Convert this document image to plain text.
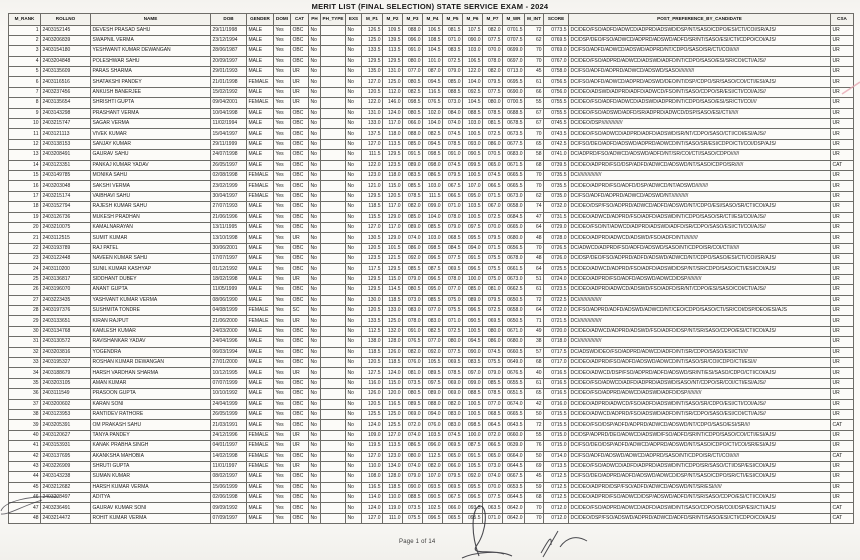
MERIT LIST (FINAL SELECTION) STATE SERVICE EXAM - 2024
M_RANK	ROLLNO	NAME	DOB	GENDER	DOMI	CAT	PH	PH_TYPE	EXS	M_P1	M_P2	M_P3	M_P4	M_P5	M_P6	M_P7	M_WR	M_INT	SCORE	POST_PREFERENCE_BY_CANDIDATE	CSA
1	2403152145	DEVESH PRASAD SAHU	29/11/1998	MALE	Yes	OBC	No		No	126.5	109.5	088.0	106.5	081.5	107.5	082.0	0701.5	72	0773.5	DC/DEO/FSO/ADFD/ADWCD/ADPRD/ADSWD/DSP/NT/SASO/CDPO/ESI/CTI/COI/SR/AJS/	UR
2	2403206839	SWAPNIL VERMA	23/12/1994	MALE	Yes	OBC	No		No	125.0	139.5	096.0	108.5	071.0	090.0	077.5	0707.5	62	0769.5	DC/DSP/DEO/FSO/ADWCD/ADPRD/ADSWD/ADFD/SR/NT/SASO/ESI/CTI/CDPO/COI/AJS/	UR
3	2403154180	YESHWANT KUMAR DEWANGAN	28/06/1987	MALE	Yes	OBC	No		No	133.5	113.5	091.0	104.5	083.5	103.0	070.0	0699.0	70	0769.0	DC/FSO/ADFD/ADWCD/ADSWD/ADPRD/NT/CDPO/SASO/SR/CTI/COI//////	UR
4	2403204848	POLESHWAR SAHU	20/09/1997	MALE	Yes	OBC	No		No	129.5	129.5	080.0	101.0	072.5	106.5	078.0	0697.0	70	0767.0	DC/DEO/FSO/ADPRD/ADWCD/ADSWD/ADFD/NT/CDPO/SASO/ESI/SR/COI/CTI/AJS//	UR
5	2403135609	PARAS SHARMA	29/01/1993	MALE	Yes	UR	No		No	135.0	131.0	077.0	087.0	079.0	122.0	082.0	0713.0	45	0758.0	DC/FSO/ADFD/ADPRD/ADWCD/ADSWD/SASO///////////	UR
6	2403116516	SHATAKSHI PANDEY	21/01/1998	FEMALE	Yes	UR	No		No	127.0	125.0	080.5	094.5	085.0	104.0	079.5	0695.5	61	0756.5	DC/FSO/ADFD/ADWCD/ADPRD/ADSWD/DEO/NT/DSP/CDPO/SR/SASO/COI/CTI/ESI/AJS/	UR
7	2403237456	ANKUSH BANERJEE	15/02/1992	MALE	Yes	UR	No		No	120.5	112.0	082.5	116.5	088.5	092.5	077.5	0690.0	66	0756.0	DC/DEO/ADSWD/ADPRD/ADFD/ADWCD/FSO/NT/SASO/CDPO/SR/ESI/CTI/COI/AJS//	UR
8	2403135654	SHRISHTI GUPTA	09/04/2001	FEMALE	Yes	UR	No		No	122.0	146.0	098.5	076.5	073.0	104.5	080.0	0700.5	55	0755.5	DC/DEO/FSO/ADFD/ADWCD/ADSWD/ADPRD/NT/CDPO/SASO/ESI/SR/CTI/COI///	UR
9	2403143298	PRASHANT VERMA	10/04/1998	MALE	Yes	OBC	No		No	131.0	124.0	080.5	102.0	084.0	088.5	078.5	0688.5	67	0755.5	DC/DEO/FSO/ADSWD/ADFD/SR/ADPRD/ADWCD/DSP/SASO/ESI/CTI//////	UR
10	2403215747	SAGAR VERMA	11/02/1994	MALE	Yes	OBC	No		No	133.0	117.0	066.0	104.0	074.0	103.0	081.5	0678.5	67	0745.5	DC/DEO/DSP///////////////	UR
11	2403121113	VIVEK KUMAR	15/04/1997	MALE	Yes	OBC	No		No	137.5	118.0	088.0	082.5	074.5	100.5	072.5	0673.5	70	0743.5	DC/DEO/FSO/ADWCD/ADPRD/ADFD/ADSWD/SR/NT/CDPO/SASO/CTI/COI/ESI/AJS//	UR
12	2403138153	SANJAY KUMAR	29/11/1999	MALE	Yes	OBC	No		No	127.0	113.5	085.0	094.5	078.5	093.0	086.0	0677.5	65	0742.5	DC/FSO/DEO/ADFD/ADSWD/ADPRD/ADWCD/NT/SASO/SR/ESI/CDPO/CTI/COI/DSP/AJS/	UR
13	2403208491	GAURAV SAHU	24/07/1998	MALE	Yes	OBC	No		No	111.5	129.5	091.5	098.5	091.0	090.5	070.5	0683.0	58	0741.0	DC/ADPRD/FSO/ADWCD/ADSWD/ADFD/NT/SR/COI/CTI/SASO/CDPO//////	UR
14	2403123351	PANKAJ KUMAR YADAV	26/05/1997	MALE	Yes	OBC	No		No	122.0	123.5	089.0	098.0	074.5	099.5	065.0	0671.5	68	0739.5	DC/DEO/ADPRD/FSO/DSP/ADFD/ADWCD/ADSWD/NT/SASO/CDPO/SR//////	CAT
15	2403149785	MONIKA SAHU	02/08/1998	FEMALE	Yes	OBC	No		No	123.0	118.0	083.5	086.5	079.5	100.5	074.5	0665.5	70	0735.5	DC/////////////////	UR
16	2403203048	SAKSHI VERMA	23/02/1999	FEMALE	Yes	OBC	No		No	121.0	115.0	085.5	103.0	067.5	107.0	066.5	0665.5	70	0735.5	DC/DEO/ADPRD/FSO/ADFD/DSP/ADWCD/NT/ADSWD/////////	UR
17	2403215174	VAIBHAVI SAHU	30/04/1997	FEMALE	Yes	OBC	No		No	129.5	120.5	078.5	111.5	066.5	095.0	071.5	0673.0	62	0735.0	DC/FSO/ADFD/ADPRD/ADWCD/ADSWD/NT////////////	UR
18	2403152794	RAJESH KUMAR SAHU	27/07/1993	MALE	Yes	OBC	No		No	118.5	117.0	082.0	099.0	071.0	103.5	067.0	0658.0	74	0732.0	DC/DEO/DSP/FSO/ADPRD/ADWCD/ADFD/ADSWD/NT/CDPO/ESI/SASO/SR/CTI/COI/AJS/	UR
19	2403126736	MUKESH PRADHAN	21/06/1996	MALE	Yes	OBC	No		No	115.5	129.0	085.0	104.0	078.0	100.5	072.5	0684.5	47	0731.5	DC/DEO/ADWCD/ADPRD/FSO/ADFD/ADSWD/NT/CDPO/SASO/SR/CTI/ESI/COI/AJS//	UR
20	2403210075	KAMALNARAYAN	13/11/1995	MALE	Yes	OBC	No		No	127.0	117.0	089.0	085.5	079.0	097.5	070.0	0665.0	64	0729.0	DC/DEO/FSO/NT/ADWCD/ADPRD/ADSWD/ADFD/SR/CDPO/SASO/ESI/CTI/COI/AJS//	UR
21	2403112515	SUMIT KUMAR	13/10/1998	MALE	Yes	UR	No		No	130.5	129.0	074.0	103.0	068.5	095.5	079.5	0680.0	48	0728.0	DC/DEO/ADPRD/ADWCD/ADSWD/FSO/ADFD/NT//////////	UR
22	2403193789	RAJ PATEL	30/06/2001	MALE	Yes	OBC	No		No	120.5	101.5	086.0	098.5	084.5	094.0	071.5	0656.5	70	0726.5	DC/ADWCD/ADPRD/FSO/ADFD/ADSWD/SASO/NT/CDPO/SR/COI/CTI//////	UR
23	2403122448	NAVEEN KUMAR SAHU	17/07/1997	MALE	Yes	OBC	No		No	123.5	121.5	092.0	096.5	077.5	091.5	075.5	0678.0	48	0726.0	DC/DSP/DEO/FSO/ADPRD/ADFD/ADSWD/ADWCD/NT/CDPO/SASO/ESI/CTI/COI/SR/AJS/	UR
24	2403110200	SUNIL KUMAR KASHYAP	01/12/1992	MALE	Yes	OBC	No		No	117.5	129.5	085.5	087.5	069.5	096.5	075.5	0661.5	64	0725.5	DC/DEO/ADWCD/ADPRD/FSO/ADFD/ADSWD/DSP/NT/SR/CDPO/SASO/CTI/ESI/COI/AJS/	UR
25	2403136817	SIDDHANT DUBEY	18/02/1998	MALE	Yes	UR	No		No	129.5	115.0	079.0	096.5	078.0	100.0	075.0	0673.0	51	0724.0	DC/DEO/ADPRD/FSO/ADFD/ADSWD/ADWCD/DSP//////////	UR
26	2403196070	ANANT GUPTA	11/05/1999	MALE	Yes	OBC	No		No	129.5	114.5	080.5	095.0	077.0	085.0	081.0	0662.5	61	0723.5	DC/DEO/ADPRD/ADWCD/ADSWD/FSO/ADFD/SR/NT/CDPO/ESI/SASO/COI/CTI/AJS//	UR
27	2403223435	YASHVANT KUMAR VERMA	08/06/1990	MALE	Yes	OBC	No		No	130.0	118.5	073.0	085.5	075.0	089.0	079.5	0650.5	72	0722.5	DC/////////////////	UR
28	2403197376	SUSHMITA TONDRE	04/08/1999	FEMALE	Yes	SC	No		No	120.5	133.0	083.0	077.0	075.5	096.5	072.5	0658.0	64	0722.0	DC/FSO/ADPRD/ADFD/ADSWD/ADWCD/NT/CEO/CDPO/SASO/CTI/SR/COI/DSP/DEO/ESI/AJS	UR
29	2403133651	KIRAN RAJPUT	21/06/2000	FEMALE	Yes	UR	No		No	133.5	125.0	078.0	083.0	071.0	090.5	069.5	0650.5	71	0721.5	DC/////////////////	UR
30	2403134768	KAMLESH KUMAR	24/03/2000	MALE	Yes	OBC	No		No	112.5	132.0	091.0	082.5	072.5	100.5	080.0	0671.0	49	0720.0	DC/DEO/ADWCD/ADPRD/ADSWD/FSO/ADFD/DSP/NT/SR/SASO/CDPO/ESI/CTI/COI/AJS/	UR
31	2403130572	RAVISHANKAR YADAV	24/04/1996	MALE	Yes	OBC	No		No	138.0	128.0	076.5	077.0	080.0	094.5	086.0	0680.0	38	0718.0	DC/////////////////	UR
32	2403203816	YOGENDRA	06/03/1994	MALE	Yes	OBC	No		No	118.5	126.0	082.0	092.0	077.5	090.0	074.5	0660.5	57	0717.5	DC/ADSWD/DEO/FSO/ADPRD/ADWCD/ADFD/NT/SR/CDPO/SASO/ESI/CTI////	UR
33	2403195327	ROSHAN KUMAR DEWANGAN	27/01/2000	MALE	Yes	OBC	No		No	120.5	118.5	076.0	105.5	069.5	083.5	075.5	0649.0	68	0717.0	DC/DEO/ADPRD/FSO/ADFD/ADSWD/ADWCD/NT/SASO/SR/COI/CDPO/CTI/ESI///	UR
34	2403188679	HARSH VARDHAN SHARMA	10/12/1995	MALE	Yes	UR	No		No	127.5	124.0	081.0	089.5	078.5	097.0	079.0	0676.5	40	0716.5	DC/DEO/ADWCD/DSP/FSO/ADPRD/ADFD/ADSWD/SR/NT/ESI/SASO/CDPO/CTI/COI/AJS/	UR
35	2403203105	AMAN KUMAR	07/07/1999	MALE	Yes	OBC	No		No	116.0	115.0	073.5	097.5	069.0	099.0	085.5	0655.5	61	0716.5	DC/DEO/FSO/ADWCD/ADFD/ADPRD/ADSWD/SASO/NT/CDPO/SR/COI/CTI/ESI/AJS//	UR
36	2403111549	PRASOON GUPTA	10/10/1992	MALE	Yes	OBC	No		No	126.0	120.0	080.5	089.0	069.0	088.5	078.5	0651.5	65	0716.5	DC/DEO/FSO/ADPRD/ADWCD/ADSWD/ADFD/DSP//////////	UR
37	2403200602	KARAN SONI	24/04/1999	MALE	Yes	OBC	No		No	120.5	116.5	089.5	088.0	082.0	100.5	077.0	0674.0	42	0716.0	DC/DEO/ADPRD/ADWCD/FSO/ADFD/ADSWD/NT/SASO/SR/CDPO/ESI/CTI/COI/AJS//	UR
38	2403123953	RANTIDEV RATHORE	26/05/1999	MALE	Yes	OBC	No		No	125.5	125.0	069.0	094.0	083.0	100.5	068.5	0665.5	50	0715.5	DC/DEO/ADWCD/ADPRD/FSO/ADSWD/ADFD/NT/SR/CDPO/SASO/ESI/COI/CTI/AJS//	UR
39	2403205391	OM PRAKASH SAHU	21/03/1991	MALE	Yes	OBC	No		No	124.0	125.5	072.0	076.0	083.0	098.5	064.5	0643.5	72	0715.5	DC/DEO/FSO/DSP/ADFD/ADPRD/ADWCD/ADSWD/NT/CDPO/SASO/ESI/SR////	CAT
40	2403120627	TANYA PANDEY	24/12/1996	FEMALE	Yes	UR	No		No	109.0	127.0	074.0	103.5	074.5	100.0	072.0	0660.0	55	0715.0	DC/DSP/ADPRD/DEO/ADWCD/ADSWD/FSO/ADFD/SR/NT/CDPO/SASO/COI/CTI/ESI/AJS/	UR
41	2403153931	KANAK PRABHA SINGH	04/01/1997	FEMALE	Yes	UR	No		No	119.5	113.5	086.5	096.0	069.5	087.5	066.5	0639.0	76	0715.0	DC/FSO/DEO/DSP/ADFD/ADWCD/ADPRD/ADSWD/NT/SASO/CDPO/CTI/COI/SR/ESI/AJS/	UR
42	2403137695	AKANKSHA MAHOBIA	14/02/1998	FEMALE	Yes	OBC	No		No	127.0	123.0	080.0	112.5	065.0	091.5	065.0	0664.0	50	0714.0	DC/FSO/ADFD/ADSWD/ADWCD/ADPRD/SASO/NT/CDPO/SR/CTI/COI//////	CAT
43	2403226909	SHRUTI GUPTA	11/01/1997	FEMALE	Yes	UR	No		No	110.0	134.0	074.0	082.0	066.0	105.5	073.0	0644.5	69	0713.5	DC/DEO/FSO/ADWCD/ADFD/ADPRD/ADSWD/NT/CDPO/SR/SASO/CTI/DSP/ESI/COI/AJS/	UR
44	2403143238	SUMAN KUMAR	08/02/1997	MALE	Yes	OBC	No		No	108.0	128.0	079.0	107.0	079.5	092.0	074.0	0667.5	45	0712.5	DC/FSO/DEO/ADPRD/ADFD/ADSWD/ADWCD/DSP/NT/SASO/CDPO/SR/CTI/ESI/COI/AJS/	UR
45	2403212682	HARSH KUMAR VERMA	15/06/1999	MALE	Yes	OBC	No		No	116.5	118.5	090.0	093.5	069.5	095.5	070.0	0653.5	59	0712.5	DC/DEO/ADPRD/DSP/FSO/ADFD/ADWCD/ADSWD/NT/SR/ESI//////	UR
46	2403208497	ADITYA	02/06/1998	MALE	Yes	OBC	No		No	114.0	110.0	088.5	090.5	067.5	096.5	077.5	0644.5	68	0712.5	DC/DEO/ADPRD/FSO/ADWCD/DSP/ADSWD/ADFD/NT/SR/SASO/CDPO/ESI/CTI/COI/AJS/	UR
47	2403236491	GAURAV KUMAR SONI	09/09/1992	MALE	Yes	OBC	No		No	124.0	119.0	073.5	102.5	066.0	093.5	063.5	0642.0	70	0712.0	DC/DEO/FSO/ADPRD/ADWCD/ADFD/ADSWD/NT/SASO/CDPO/SR/COI/DSP/ESI/CTI/AJS/	CAT
48	2403214472	ROHIT KUMAR VERMA	07/09/1997	MALE	Yes	OBC	No		No	127.0	111.0	075.5	096.5	065.5	095.5	071.0	0642.0	70	0712.0	DC/DEO/DSP/FSO/ADSWD/ADPRD/ADWCD/ADFD/SR/NT/SASO/ESI/CTI/CDPO/COI/AJS/	CAT
Page 1 of 14
